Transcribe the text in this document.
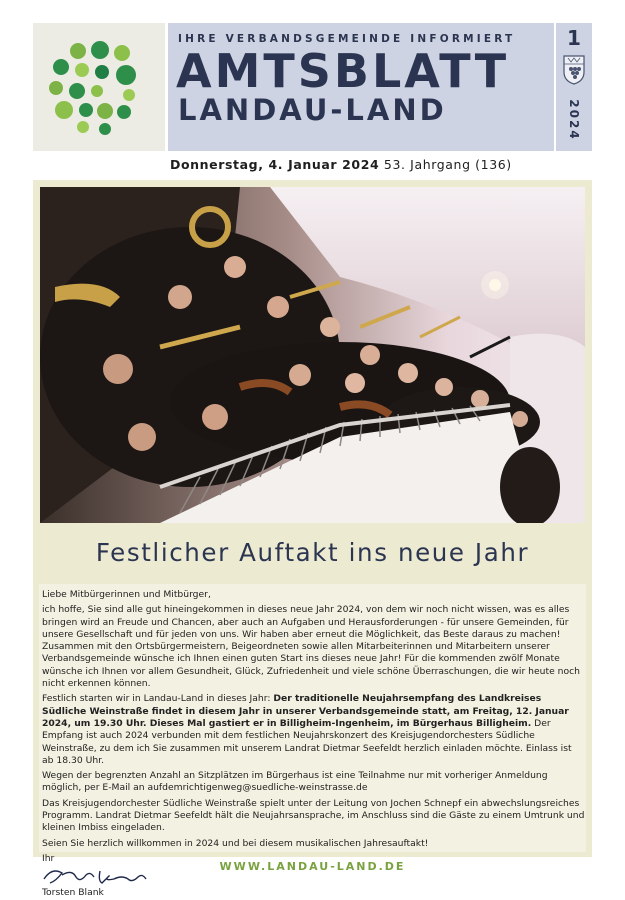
IHRE VERBANDSGEMEINDE INFORMIERT
AMTSBLATT
LANDAU-LAND
1
2024
Donnerstag, 4. Januar 2024 53. Jahrgang (136)
Festlicher Auftakt ins neue Jahr

Liebe Mitbürgerinnen und Mitbürger,

ich hoffe, Sie sind alle gut hineingekommen in dieses neue Jahr 2024, von dem wir noch nicht wissen, was es alles bringen wird an Freude und Chancen, aber auch an Aufgaben und Herausforderungen - für unsere Gemeinden, für unsere Gesellschaft und für jeden von uns. Wir haben aber erneut die Möglichkeit, das Beste daraus zu machen! Zusammen mit den Ortsbürgermeistern, Beigeordneten sowie allen Mitarbeiterinnen und Mitarbeitern unserer Verbandsgemeinde wünsche ich Ihnen einen guten Start ins dieses neue Jahr! Für die kommenden zwölf Monate wünsche ich Ihnen vor allem Gesundheit, Glück, Zufriedenheit und viele schöne Überraschungen, die wir heute noch nicht erkennen können.

Festlich starten wir in Landau-Land in dieses Jahr: Der traditionelle Neujahrsempfang des Landkreises Südliche Weinstraße findet in diesem Jahr in unserer Verbandsgemeinde statt, am Freitag, 12. Januar 2024, um 19.30 Uhr. Dieses Mal gastiert er in Billigheim-Ingenheim, im Bürgerhaus Billigheim. Der Empfang ist auch 2024 verbunden mit dem festlichen Neujahrskonzert des Kreisjugendorchesters Südliche Weinstraße, zu dem ich Sie zusammen mit unserem Landrat Dietmar Seefeldt herzlich einladen möchte. Einlass ist ab 18.30 Uhr.

Wegen der begrenzten Anzahl an Sitzplätzen im Bürgerhaus ist eine Teilnahme nur mit vorheriger Anmeldung möglich, per E-Mail an aufdemrichtigenweg@suedliche-weinstrasse.de

Das Kreisjugendorchester Südliche Weinstraße spielt unter der Leitung von Jochen Schnepf ein abwechslungsreiches Programm. Landrat Dietmar Seefeldt hält die Neujahrsansprache, im Anschluss sind die Gäste zu einem Umtrunk und kleinen Imbiss eingeladen.

Seien Sie herzlich willkommen in 2024 und bei diesem musikalischen Jahresauftakt!

Ihr
Torsten Blank
WWW.LANDAU-LAND.DE
